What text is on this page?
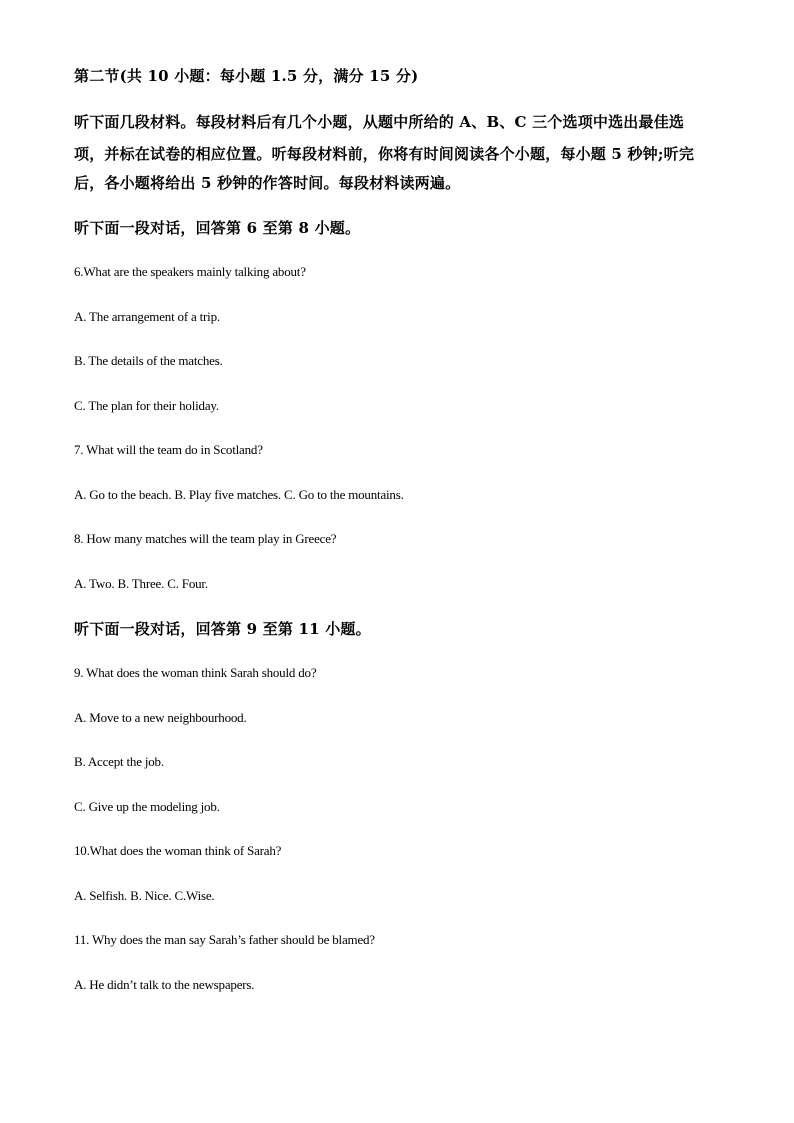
第二节(共 10 小题：每小题 1.5 分，满分 15 分)
听下面几段材料。每段材料后有几个小题，从题中所给的 A、B、C 三个选项中选出最佳选
项，并标在试卷的相应位置。听每段材料前，你将有时间阅读各个小题，每小题 5 秒钟;听完
后，各小题将给出 5 秒钟的作答时间。每段材料读两遍。
听下面一段对话，回答第 6 至第 8 小题。
6.What are the speakers mainly talking about?
A. The arrangement of a trip.
B. The details of the matches.
C. The plan for their holiday.
7. What will the team do in Scotland?
A. Go to the beach. B. Play five matches. C. Go to the mountains.
8. How many matches will the team play in Greece?
A. Two. B. Three. C. Four.
听下面一段对话，回答第 9 至第 11 小题。
9. What does the woman think Sarah should do?
A. Move to a new neighbourhood.
B. Accept the job.
C. Give up the modeling job.
10.What does the woman think of Sarah?
A. Selfish. B. Nice. C.Wise.
11. Why does the man say Sarah’s father should be blamed?
A. He didn’t talk to the newspapers.
